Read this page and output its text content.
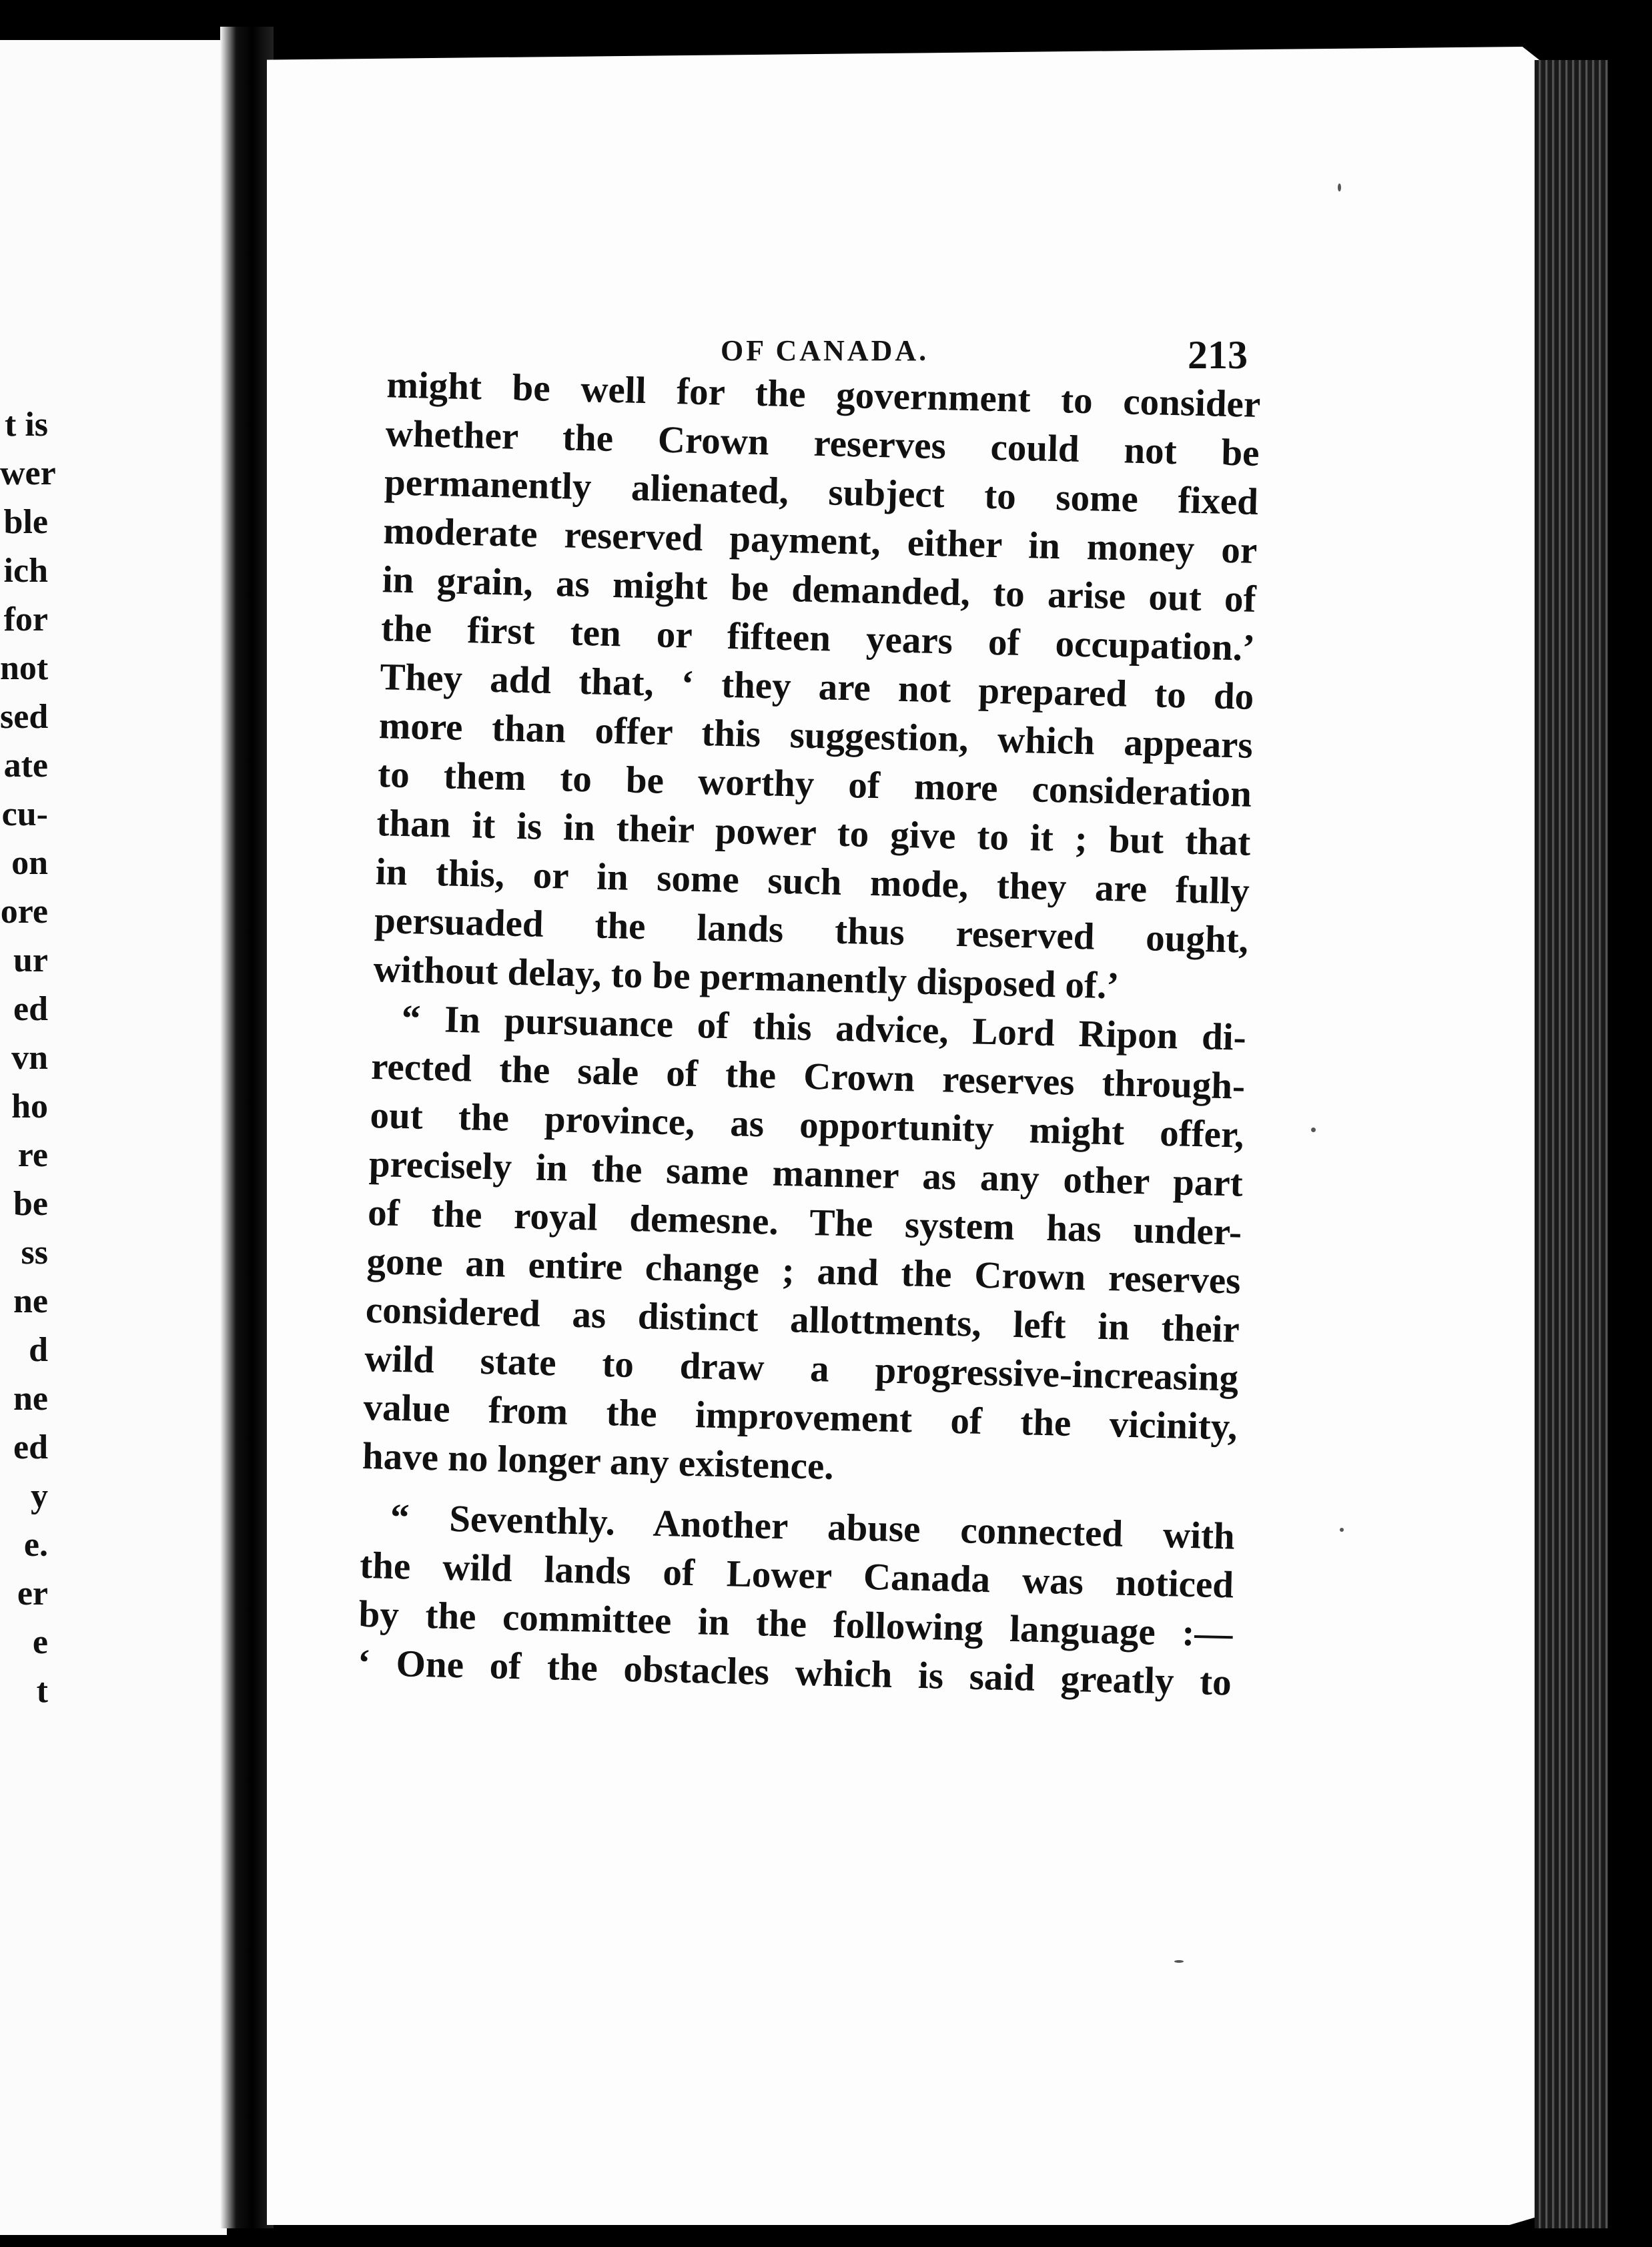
t is
wer
ble
ich
for
not
sed
ate
cu-
on
ore
ur
ed
vn
ho
re
be
ss
ne
d
ne
ed
y
e.
er
e
t
OF CANADA.	213
might be well for the government to consider
whether the Crown reserves could not be
permanently alienated, subject to some fixed
moderate reserved payment, either in money or
in grain, as might be demanded, to arise out of
the first ten or fifteen years of occupation.’
They add that, ‘ they are not prepared to do
more than offer this suggestion, which appears
to them to be worthy of more consideration
than it is in their power to give to it ; but that
in this, or in some such mode, they are fully
persuaded the lands thus reserved ought,
without delay, to be permanently disposed of.’
“ In pursuance of this advice, Lord Ripon di-
rected the sale of the Crown reserves through-
out the province, as opportunity might offer,
precisely in the same manner as any other part
of the royal demesne. The system has under-
gone an entire change ; and the Crown reserves
considered as distinct allottments, left in their
wild state to draw a progressive-increasing
value from the improvement of the vicinity,
have no longer any existence.
“ Seventhly. Another abuse connected with
the wild lands of Lower Canada was noticed
by the committee in the following language :—
‘ One of the obstacles which is said greatly to
